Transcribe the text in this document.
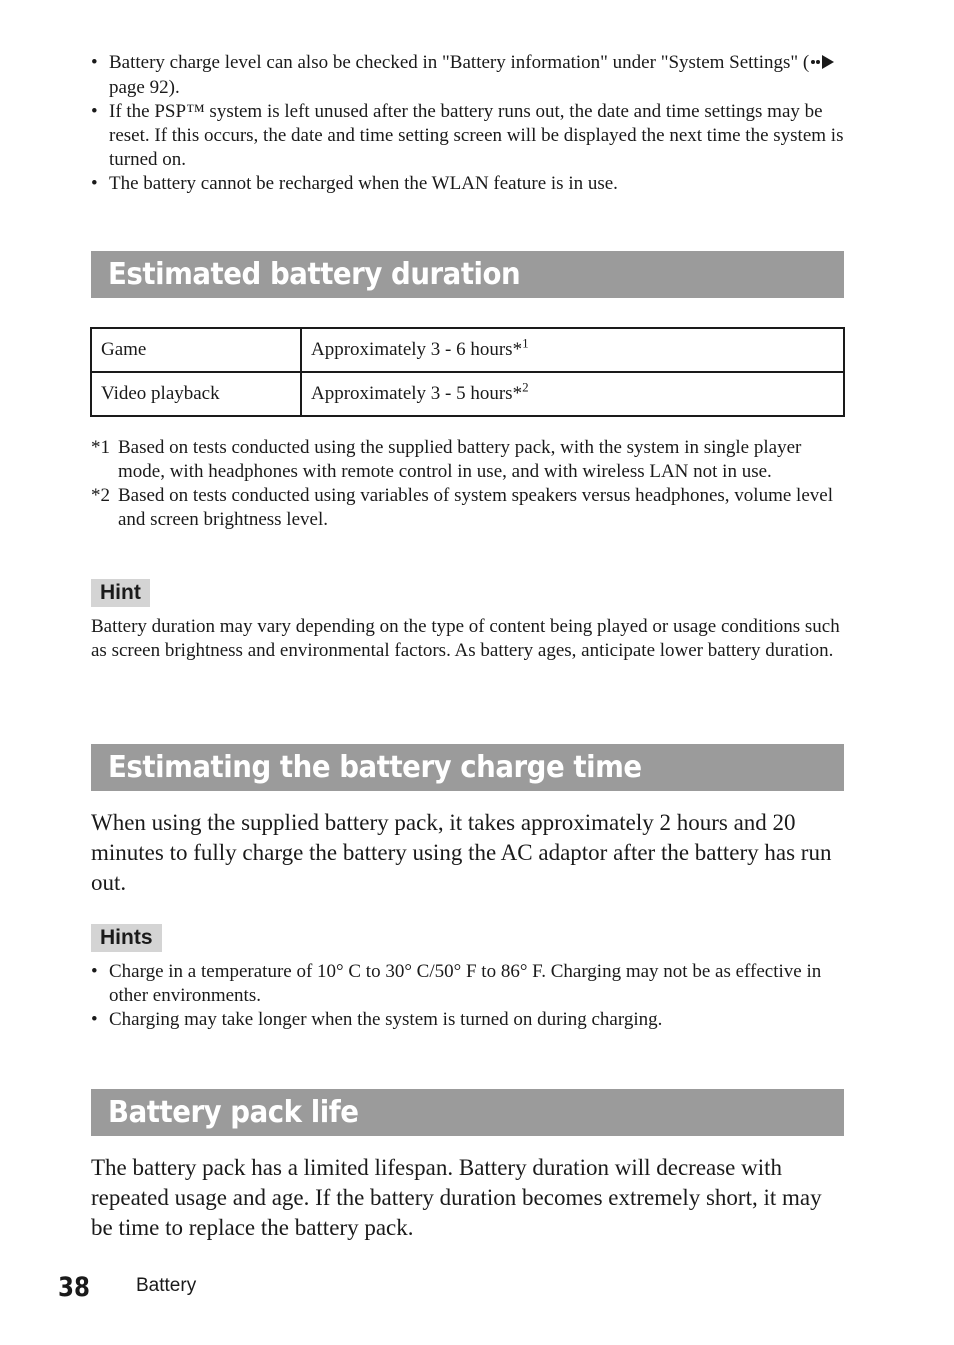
• Battery charge level can also be checked in "Battery information" under "System Settings" (page 92).
• If the PSP™ system is left unused after the battery runs out, the date and time settings may be reset. If this occurs, the date and time setting screen will be displayed the next time the system is turned on.
• The battery cannot be recharged when the WLAN feature is in use.
Estimated battery duration
Game	Approximately 3 - 6 hours*$^1$
Video playback	Approximately 3 - 5 hours*$^2$
*1 Based on tests conducted using the supplied battery pack, with the system in single player mode, with headphones with remote control in use, and with wireless LAN not in use.
*2 Based on tests conducted using variables of system speakers versus headphones, volume level and screen brightness level.
Hint
Battery duration may vary depending on the type of content being played or usage conditions such as screen brightness and environmental factors. As battery ages, anticipate lower battery duration.
Estimating the battery charge time
When using the supplied battery pack, it takes approximately 2 hours and 20 minutes to fully charge the battery using the AC adaptor after the battery has run out.
Hints
• Charge in a temperature of 10° C to 30° C/50° F to 86° F. Charging may not be as effective in other environments.
• Charging may take longer when the system is turned on during charging.
Battery pack life
The battery pack has a limited lifespan. Battery duration will decrease with repeated usage and age. If the battery duration becomes extremely short, it may be time to replace the battery pack.
38 Battery
